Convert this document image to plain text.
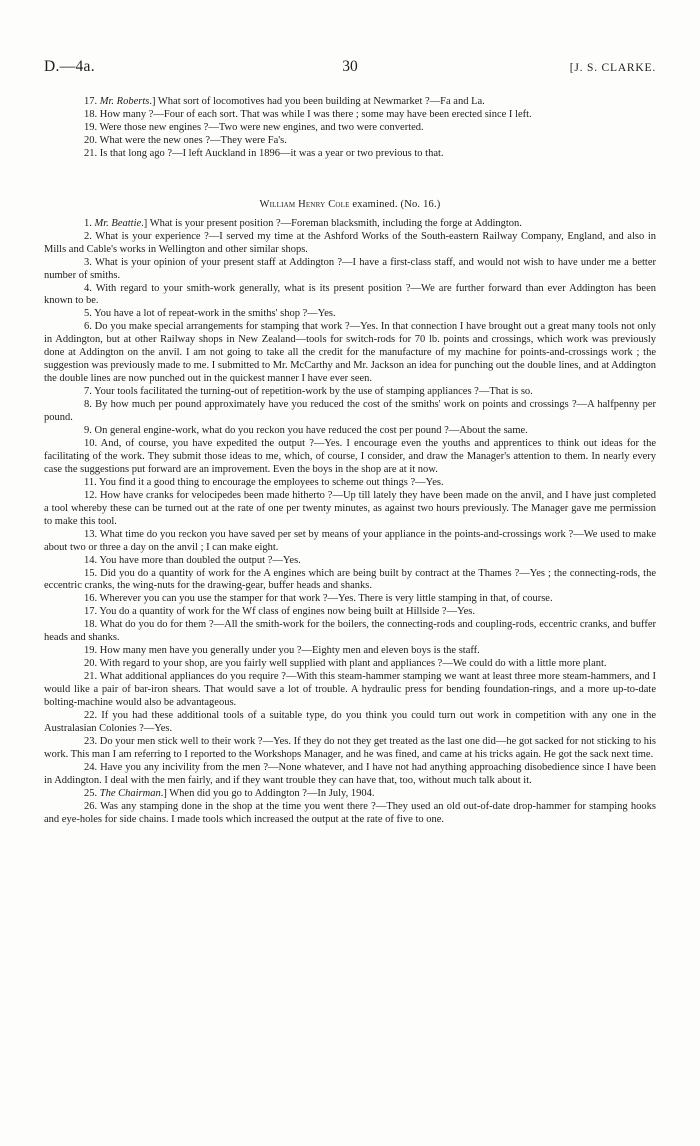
D.—4a.	[J. S. CLARKE.
30

17. Mr. Roberts.] What sort of locomotives had you been building at Newmarket ?—Fa and La.

18. How many ?—Four of each sort. That was while I was there ; some may have been erected since I left.

19. Were those new engines ?—Two were new engines, and two were converted.

20. What were the new ones ?—They were Fa's.

21. Is that long ago ?—I left Auckland in 1896—it was a year or two previous to that.

William Henry Cole examined. (No. 16.)

1. Mr. Beattie.] What is your present position ?—Foreman blacksmith, including the forge at Addington.

2. What is your experience ?—I served my time at the Ashford Works of the South-eastern Railway Company, England, and also in Mills and Cable's works in Wellington and other similar shops.

3. What is your opinion of your present staff at Addington ?—I have a first-class staff, and would not wish to have under me a better number of smiths.

4. With regard to your smith-work generally, what is its present position ?—We are further forward than ever Addington has been known to be.

5. You have a lot of repeat-work in the smiths' shop ?—Yes.

6. Do you make special arrangements for stamping that work ?—Yes. In that connection I have brought out a great many tools not only in Addington, but at other Railway shops in New Zealand—tools for switch-rods for 70 lb. points and crossings, which work was previously done at Addington on the anvil. I am not going to take all the credit for the manufacture of my machine for points-and-crossings work ; the suggestion was previously made to me. I submitted to Mr. McCarthy and Mr. Jackson an idea for punching out the double lines, and at Addington the double lines are now punched out in the quickest manner I have ever seen.

7. Your tools facilitated the turning-out of repetition-work by the use of stamping appliances ?—That is so.

8. By how much per pound approximately have you reduced the cost of the smiths' work on points and crossings ?—A halfpenny per pound.

9. On general engine-work, what do you reckon you have reduced the cost per pound ?—About the same.

10. And, of course, you have expedited the output ?—Yes. I encourage even the youths and apprentices to think out ideas for the facilitating of the work. They submit those ideas to me, which, of course, I consider, and draw the Manager's attention to them. In nearly every case the suggestions put forward are an improvement. Even the boys in the shop are at it now.

11. You find it a good thing to encourage the employees to scheme out things ?—Yes.

12. How have cranks for velocipedes been made hitherto ?—Up till lately they have been made on the anvil, and I have just completed a tool whereby these can be turned out at the rate of one per twenty minutes, as against two hours previously. The Manager gave me permission to make this tool.

13. What time do you reckon you have saved per set by means of your appliance in the points-and-crossings work ?—We used to make about two or three a day on the anvil ; I can make eight.

14. You have more than doubled the output ?—Yes.

15. Did you do a quantity of work for the A engines which are being built by contract at the Thames ?—Yes ; the connecting-rods, the eccentric cranks, the wing-nuts for the drawing-gear, buffer heads and shanks.

16. Wherever you can you use the stamper for that work ?—Yes. There is very little stamping in that, of course.

17. You do a quantity of work for the Wf class of engines now being built at Hillside ?—Yes.

18. What do you do for them ?—All the smith-work for the boilers, the connecting-rods and coupling-rods, eccentric cranks, and buffer heads and shanks.

19. How many men have you generally under you ?—Eighty men and eleven boys is the staff.

20. With regard to your shop, are you fairly well supplied with plant and appliances ?—We could do with a little more plant.

21. What additional appliances do you require ?—With this steam-hammer stamping we want at least three more steam-hammers, and I would like a pair of bar-iron shears. That would save a lot of trouble. A hydraulic press for bending foundation-rings, and a more up-to-date bolting-machine would also be advantageous.

22. If you had these additional tools of a suitable type, do you think you could turn out work in competition with any one in the Australasian Colonies ?—Yes.

23. Do your men stick well to their work ?—Yes. If they do not they get treated as the last one did—he got sacked for not sticking to his work. This man I am referring to I reported to the Workshops Manager, and he was fined, and came at his tricks again. He got the sack next time.

24. Have you any incivility from the men ?—None whatever, and I have not had anything approaching disobedience since I have been in Addington. I deal with the men fairly, and if they want trouble they can have that, too, without much talk about it.

25. The Chairman.] When did you go to Addington ?—In July, 1904.

26. Was any stamping done in the shop at the time you went there ?—They used an old out-of-date drop-hammer for stamping hooks and eye-holes for side chains. I made tools which increased the output at the rate of five to one.
